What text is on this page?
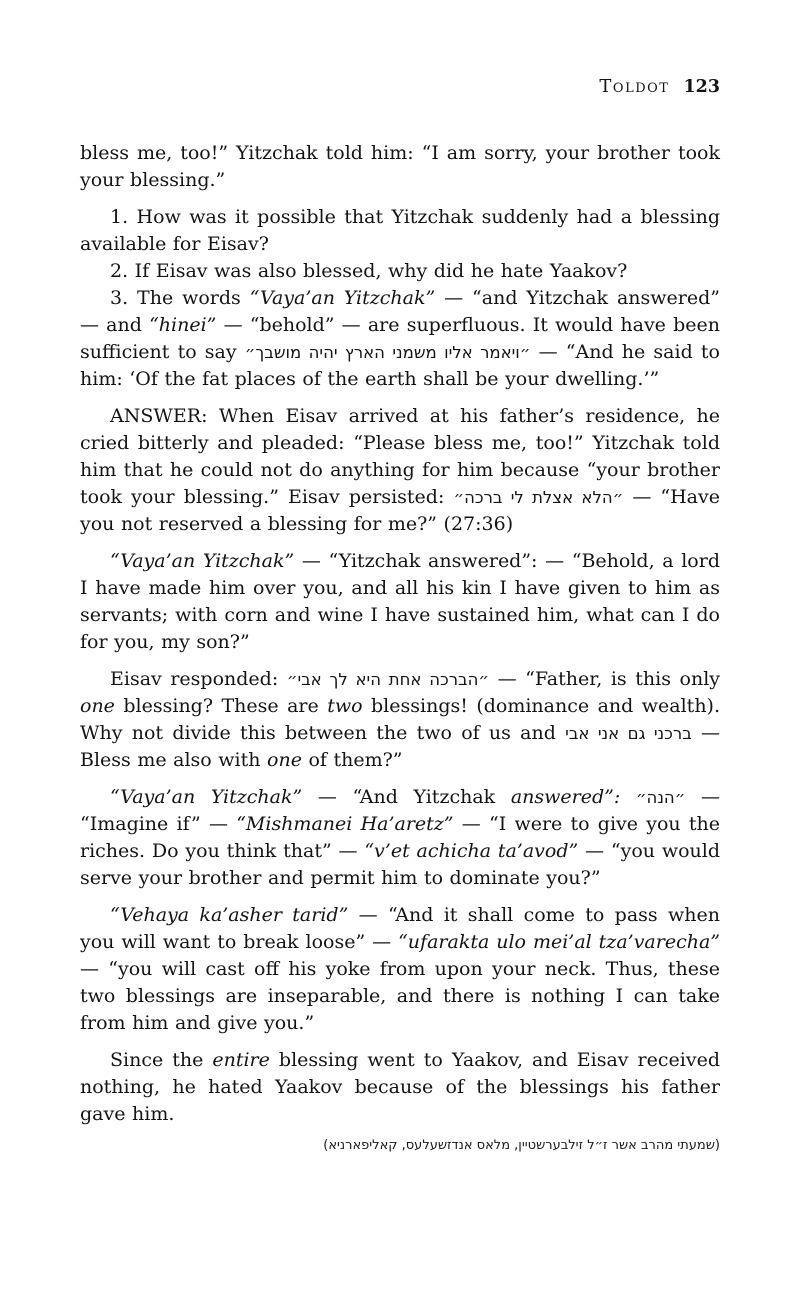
Toldot 123

bless me, too!” Yitzchak told him: “I am sorry, your brother took your blessing.”

1. How was it possible that Yitzchak suddenly had a blessing available for Eisav?

2. If Eisav was also blessed, why did he hate Yaakov?

3. The words “Vaya’an Yitzchak” — “and Yitzchak answered” — and “hinei” — “behold” — are superfluous. It would have been sufficient to say ״ויאמר אליו משמני הארץ יהיה מושבך״ — “And he said to him: ‘Of the fat places of the earth shall be your dwelling.’”

ANSWER: When Eisav arrived at his father’s residence, he cried bitterly and pleaded: “Please bless me, too!” Yitzchak told him that he could not do anything for him because “your brother took your blessing.” Eisav persisted: ״הלא אצלת לי ברכה״ — “Have you not reserved a blessing for me?” (27:36)

“Vaya’an Yitzchak” — “Yitzchak answered”: — “Behold, a lord I have made him over you, and all his kin I have given to him as servants; with corn and wine I have sustained him, what can I do for you, my son?”

Eisav responded: ״הברכה אחת היא לך אבי״ — “Father, is this only one blessing? These are two blessings! (dominance and wealth). Why not divide this between the two of us and ברכני גם אני אבי — Bless me also with one of them?”

“Vaya’an Yitzchak” — “And Yitzchak answered”: ״הנה״ — “Imagine if” — “Mishmanei Ha’aretz” — “I were to give you the riches. Do you think that” — “v’et achicha ta’avod” — “you would serve your brother and permit him to dominate you?”

“Vehaya ka’asher tarid” — “And it shall come to pass when you will want to break loose” — “ufarakta ulo mei’al tza’varecha” — “you will cast off his yoke from upon your neck. Thus, these two blessings are inseparable, and there is nothing I can take from him and give you.”

Since the entire blessing went to Yaakov, and Eisav received nothing, he hated Yaakov because of the blessings his father gave him.

(שמעתי מהרב אשר ז״ל זילבערשטיין, מלאס אנדזשעלעס, קאליפארניא)
